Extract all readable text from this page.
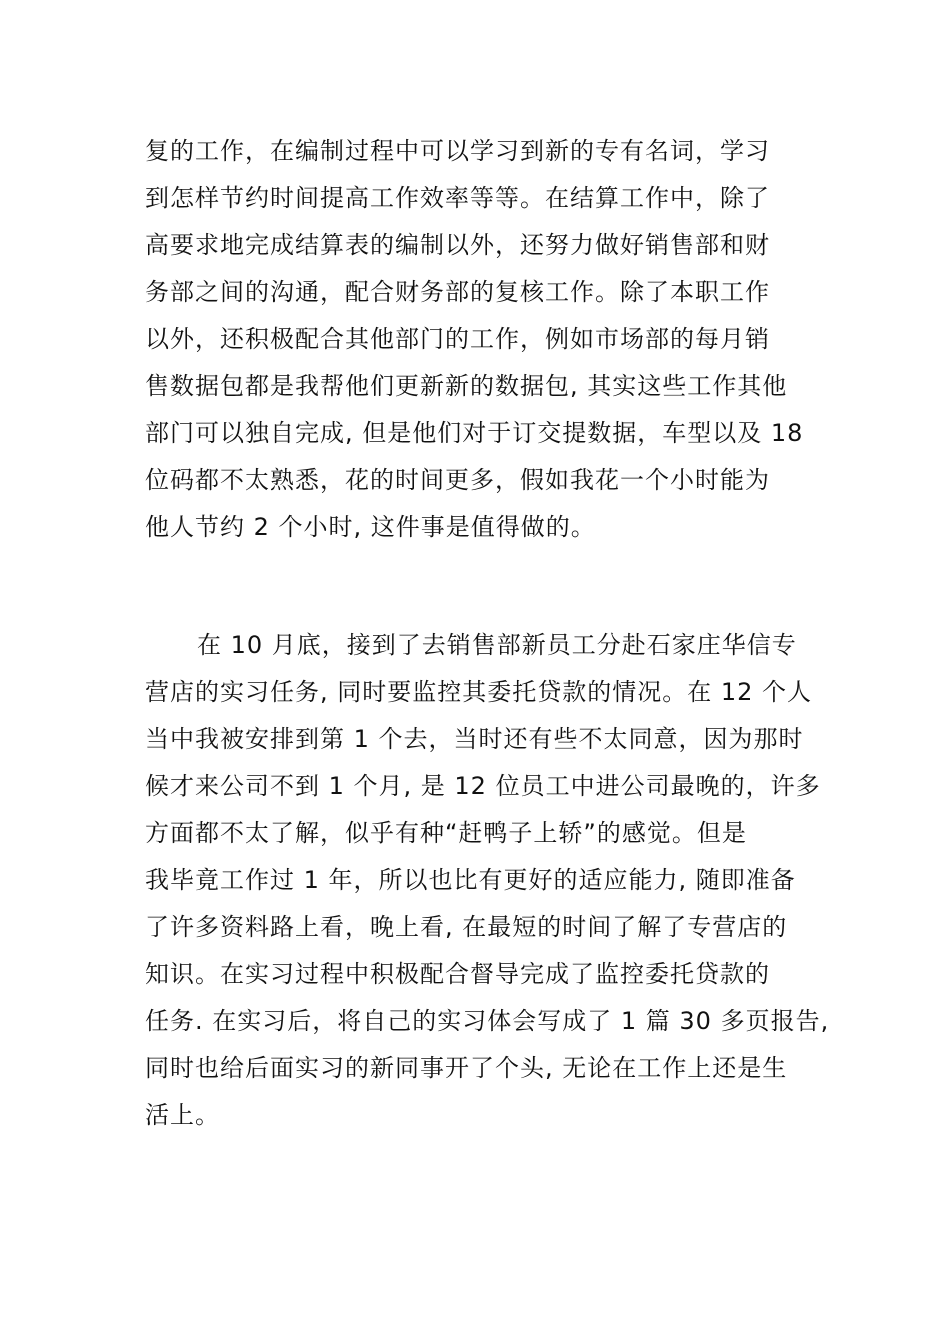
复的工作，在编制过程中可以学习到新的专有名词，学习
到怎样节约时间提高工作效率等等。在结算工作中，除了
高要求地完成结算表的编制以外，还努力做好销售部和财
务部之间的沟通，配合财务部的复核工作。除了本职工作
以外，还积极配合其他部门的工作，例如市场部的每月销
售数据包都是我帮他们更新新的数据包, 其实这些工作其他
部门可以独自完成, 但是他们对于订交提数据，车型以及 18
位码都不太熟悉，花的时间更多，假如我花一个小时能为
他人节约 2 个小时, 这件事是值得做的。
在 10 月底，接到了去销售部新员工分赴石家庄华信专
营店的实习任务, 同时要监控其委托贷款的情况。在 12 个人
当中我被安排到第 1 个去，当时还有些不太同意，因为那时
候才来公司不到 1 个月, 是 12 位员工中进公司最晚的，许多
方面都不太了解，似乎有种“赶鸭子上轿”的感觉。但是
我毕竟工作过 1 年，所以也比有更好的适应能力, 随即准备
了许多资料路上看，晚上看, 在最短的时间了解了专营店的
知识。在实习过程中积极配合督导完成了监控委托贷款的
任务. 在实习后，将自己的实习体会写成了 1 篇 30 多页报告,
同时也给后面实习的新同事开了个头, 无论在工作上还是生
活上。
